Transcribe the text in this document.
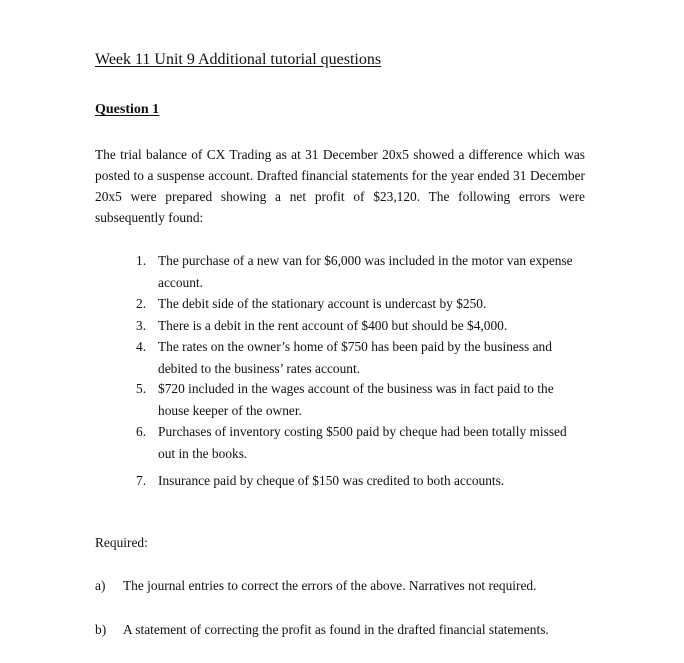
Week 11 Unit 9 Additional tutorial questions
Question 1

The trial balance of CX Trading as at 31 December 20x5 showed a difference which was posted to a suspense account. Drafted financial statements for the year ended 31 December 20x5 were prepared showing a net profit of $23,120. The following errors were subsequently found:

1. The purchase of a new van for $6,000 was included in the motor van expense account.
2. The debit side of the stationary account is undercast by $250.
3. There is a debit in the rent account of $400 but should be $4,000.
4. The rates on the owner’s home of $750 has been paid by the business and debited to the business’ rates account.
5. $720 included in the wages account of the business was in fact paid to the house keeper of the owner.
6. Purchases of inventory costing $500 paid by cheque had been totally missed out in the books.
7. Insurance paid by cheque of $150 was credited to both accounts.
Required:
a)	The journal entries to correct the errors of the above. Narratives not required.
b)	A statement of correcting the profit as found in the drafted financial statements.
